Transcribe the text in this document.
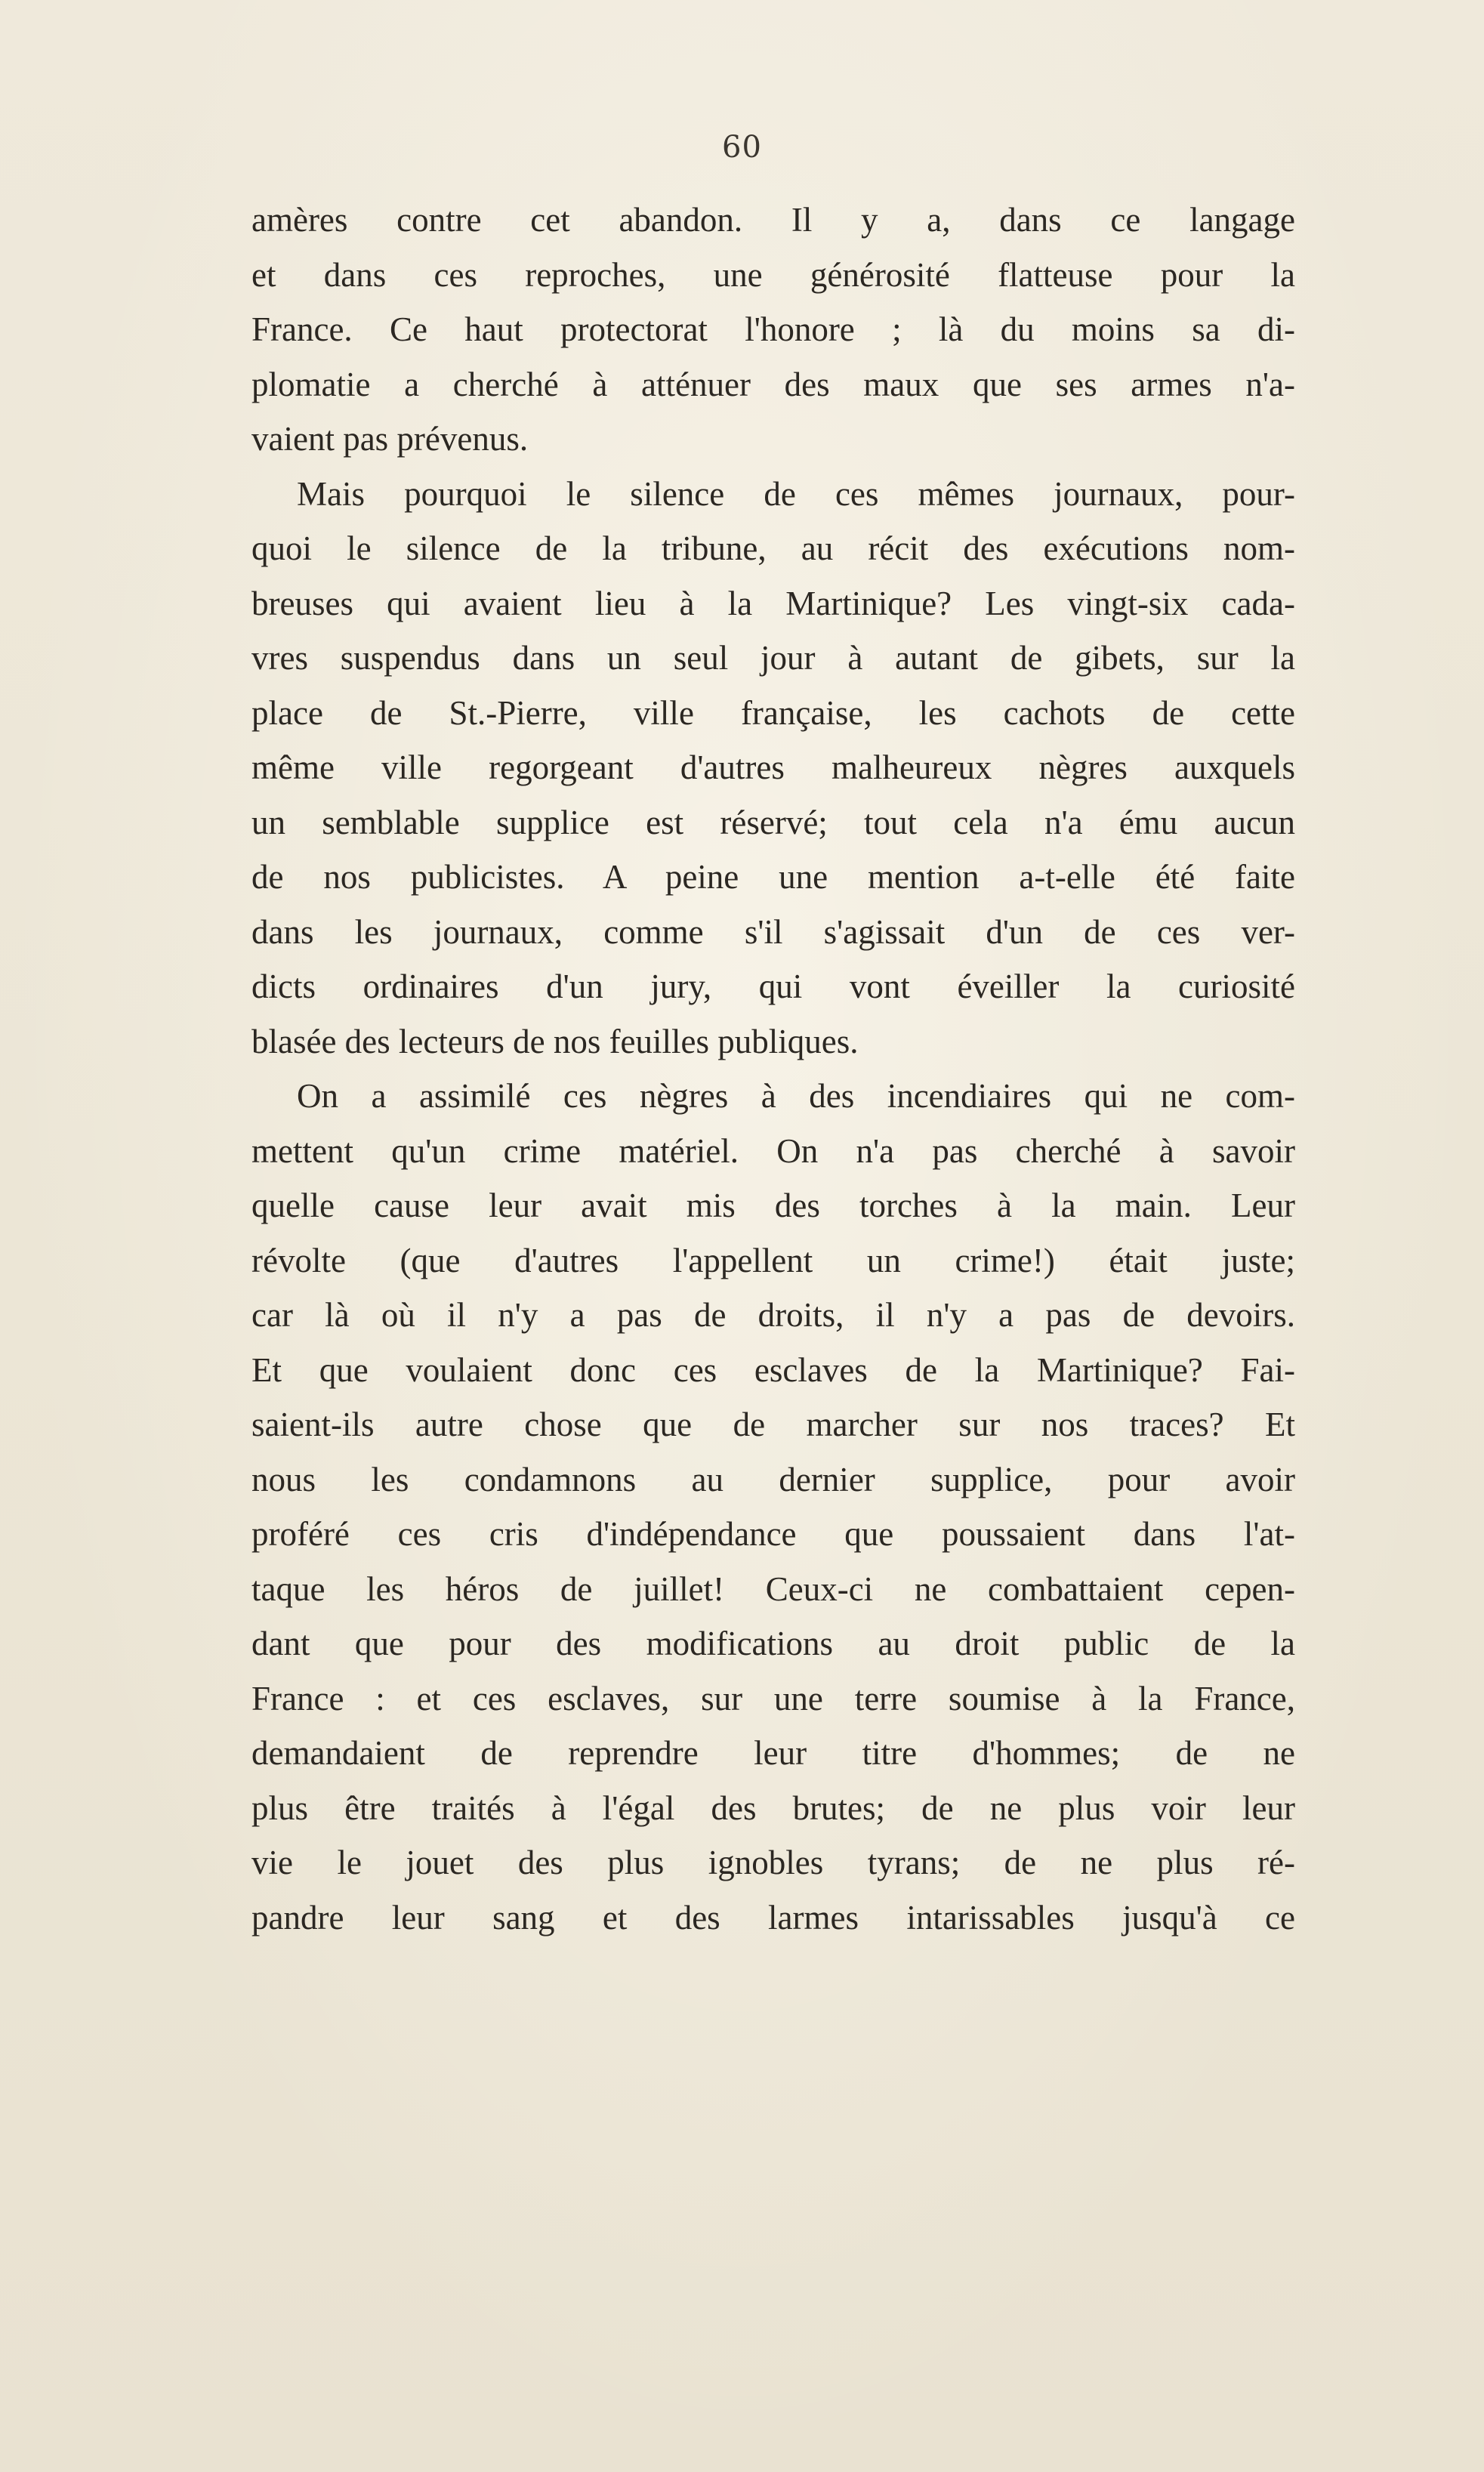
60
amères contre cet abandon. Il y a, dans ce langage
et dans ces reproches, une générosité flatteuse pour la
France. Ce haut protectorat l'honore ; là du moins sa di-
plomatie a cherché à atténuer des maux que ses armes n'a-
vaient pas prévenus.
Mais pourquoi le silence de ces mêmes journaux, pour-
quoi le silence de la tribune, au récit des exécutions nom-
breuses qui avaient lieu à la Martinique? Les vingt-six cada-
vres suspendus dans un seul jour à autant de gibets, sur la
place de St.-Pierre, ville française, les cachots de cette
même ville regorgeant d'autres malheureux nègres auxquels
un semblable supplice est réservé; tout cela n'a ému aucun
de nos publicistes. A peine une mention a-t-elle été faite
dans les journaux, comme s'il s'agissait d'un de ces ver-
dicts ordinaires d'un jury, qui vont éveiller la curiosité
blasée des lecteurs de nos feuilles publiques.
On a assimilé ces nègres à des incendiaires qui ne com-
mettent qu'un crime matériel. On n'a pas cherché à savoir
quelle cause leur avait mis des torches à la main. Leur
révolte (que d'autres l'appellent un crime!) était juste;
car là où il n'y a pas de droits, il n'y a pas de devoirs.
Et que voulaient donc ces esclaves de la Martinique? Fai-
saient-ils autre chose que de marcher sur nos traces? Et
nous les condamnons au dernier supplice, pour avoir
proféré ces cris d'indépendance que poussaient dans l'at-
taque les héros de juillet! Ceux-ci ne combattaient cepen-
dant que pour des modifications au droit public de la
France : et ces esclaves, sur une terre soumise à la France,
demandaient de reprendre leur titre d'hommes; de ne
plus être traités à l'égal des brutes; de ne plus voir leur
vie le jouet des plus ignobles tyrans; de ne plus ré-
pandre leur sang et des larmes intarissables jusqu'à ce
